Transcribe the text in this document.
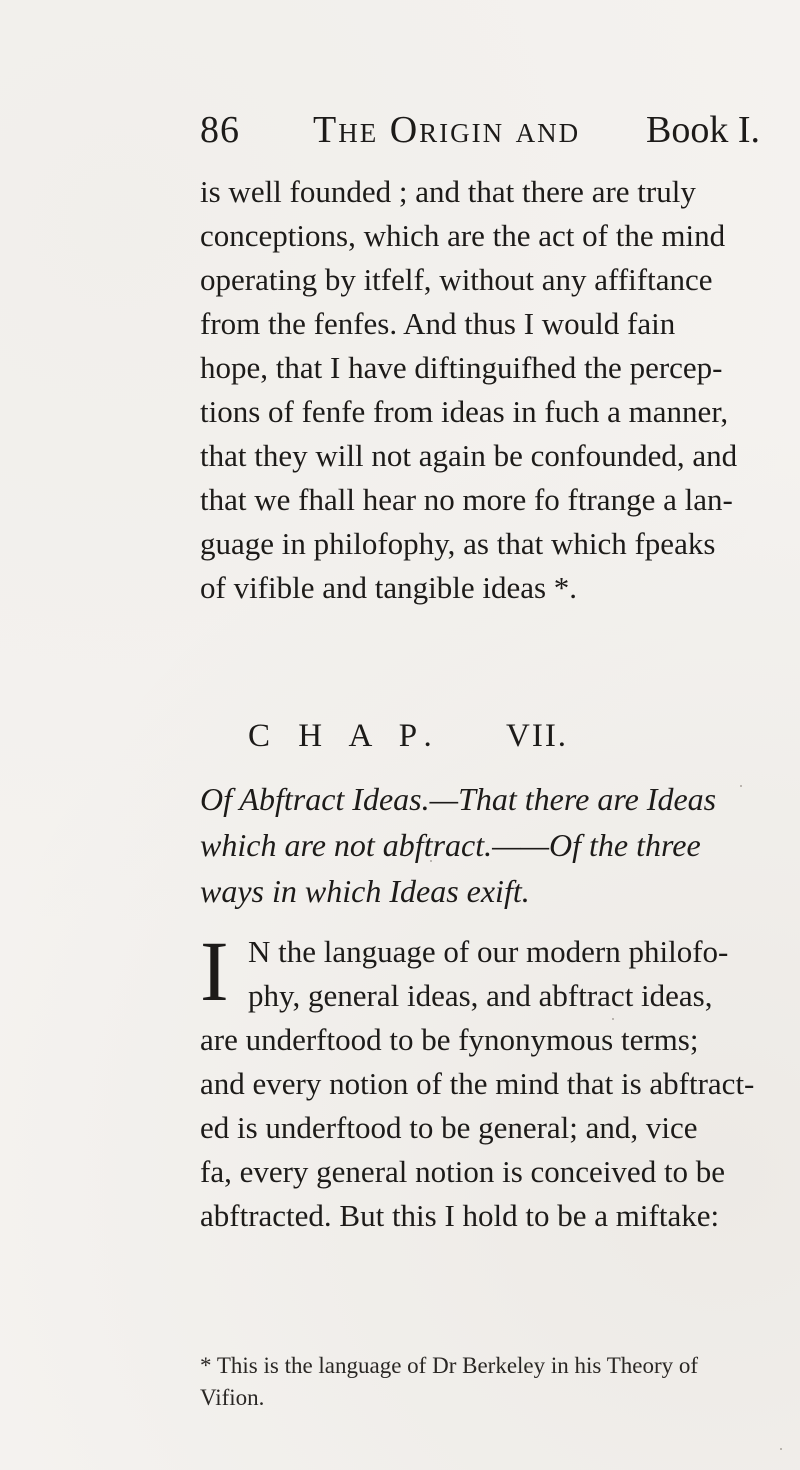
86 The Origin and Book I.
is well founded ; and that there are truly
conceptions, which are the act of the mind
operating by itfelf, without any affiftance
from the fenfes. And thus I would fain
hope, that I have diftinguifhed the percep-
tions of fenfe from ideas in fuch a manner,
that they will not again be confounded, and
that we fhall hear no more fo ftrange a lan-
guage in philofophy, as that which fpeaks
of vifible and tangible ideas *.
C H A P. VII.
Of Abftract Ideas.—That there are Ideas
which are not abftract.——Of the three
ways in which Ideas exift.
I N the language of our modern philofo-
phy, general ideas, and abftract ideas,
are underftood to be fynonymous terms;
and every notion of the mind that is abftract-
ed is underftood to be general; and, vice
fa, every general notion is conceived to be
abftracted. But this I hold to be a miftake:
* This is the language of Dr Berkeley in his Theory of
Vifion.
